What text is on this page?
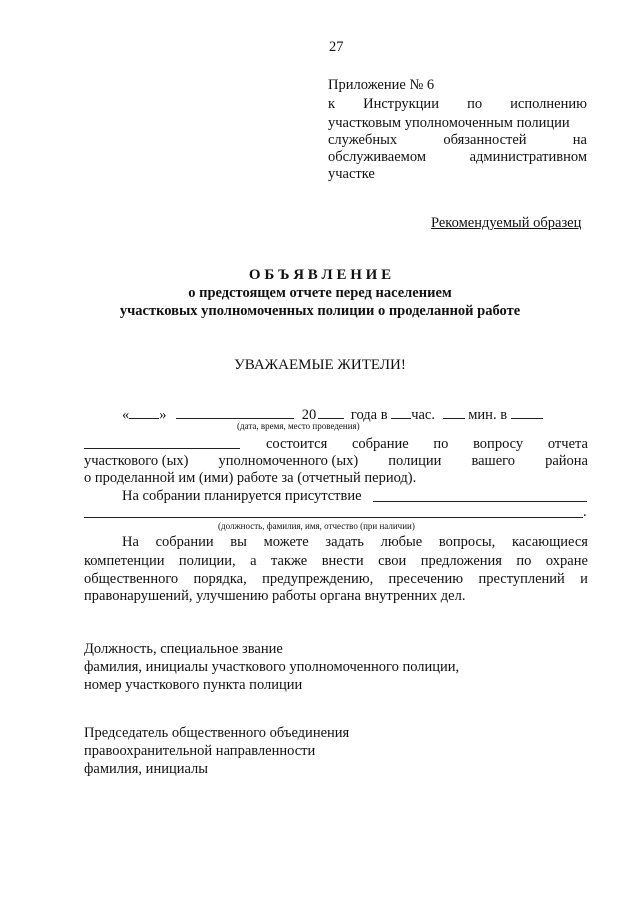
27
Приложение № 6
к Инструкции по исполнению
участковым уполномоченным полиции
служебных	обязанностей	на
обслуживаемом	административном
участке
Рекомендуемый образец
О Б Ъ Я В Л Е Н И Е
о предстоящем отчете перед населением
участковых уполномоченных полиции о проделанной работе
УВАЖАЕМЫЕ ЖИТЕЛИ!
« »	20 года в час. мин. в
(дата, время, место проведения)
состоится собрание по вопросу отчета
участкового (ых) уполномоченного (ых) полиции вашего района
о проделанной им (ими) работе за (отчетный период).
На собрании планируется присутствие
.
(должность, фамилия, имя, отчество (при наличии)
На собрании вы можете задать любые вопросы, касающиеся
компетенции полиции, а также внести свои предложения по охране
общественного порядка, предупреждению, пресечению преступлений и
правонарушений, улучшению работы органа внутренних дел.
Должность, специальное звание
фамилия, инициалы участкового уполномоченного полиции,
номер участкового пункта полиции
Председатель общественного объединения
правоохранительной направленности
фамилия, инициалы
